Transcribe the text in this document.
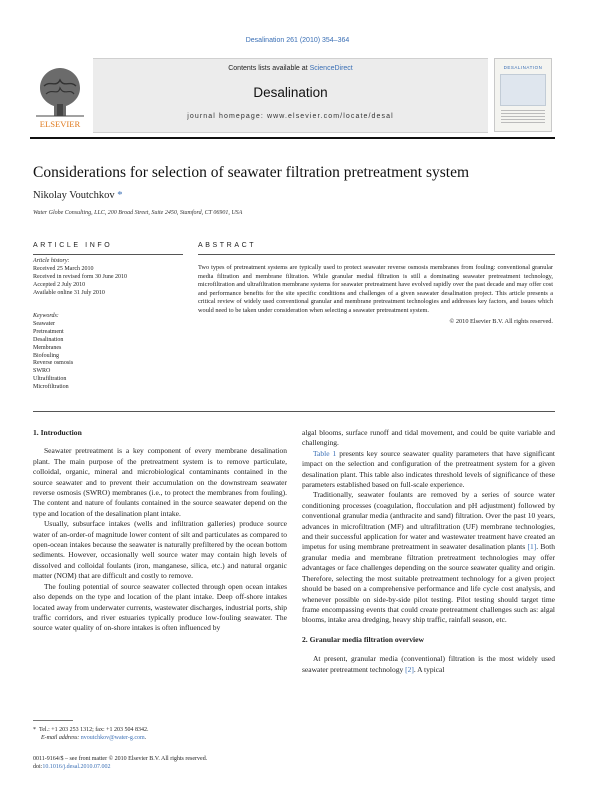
Desalination 261 (2010) 354–364
ELSEVIER
Contents lists available at ScienceDirect
Desalination
journal homepage: www.elsevier.com/locate/desal
DESALINATION
Considerations for selection of seawater filtration pretreatment system
Nikolay Voutchkov *
Water Globe Consulting, LLC, 200 Broad Street, Suite 2450, Stamford, CT 06901, USA
ARTICLE INFO	ABSTRACT
Article history:
Received 25 March 2010
Received in revised form 30 June 2010
Accepted 2 July 2010
Available online 31 July 2010
Keywords:
Seawater
Pretreatment
Desalination
Membranes
Biofouling
Reverse osmosis
SWRO
Ultrafiltration
Microfiltration
Two types of pretreatment systems are typically used to protect seawater reverse osmosis membranes from fouling: conventional granular media filtration and membrane filtration. While granular medial filtration is still a dominating seawater pretreatment technology, microfiltration and ultrafiltration membrane systems for seawater pretreatment have evolved rapidly over the past decade and may offer cost and performance benefits for the site specific conditions and challenges of a given seawater desalination project. This article presents a critical review of widely used conventional granular and membrane pretreatment technologies and addresses key factors, and issues which would need to be taken under consideration when selecting a seawater pretreatment system.
© 2010 Elsevier B.V. All rights reserved.
1. Introduction

Seawater pretreatment is a key component of every membrane desalination plant. The main purpose of the pretreatment system is to remove particulate, colloidal, organic, mineral and microbiological contaminants contained in the source seawater and to prevent their accumulation on the downstream seawater reverse osmosis (SWRO) membranes (i.e., to protect the membranes from fouling). The content and nature of foulants contained in the source seawater depend on the type and location of the desalination plant intake.

Usually, subsurface intakes (wells and infiltration galleries) produce source water of an-order-of magnitude lower content of silt and particulates as compared to open-ocean intakes because the seawater is naturally prefiltered by the ocean bottom sediments. However, occasionally well source water may contain high levels of dissolved and colloidal foulants (iron, manganese, silica, etc.) and natural organic matter (NOM) that are difficult and costly to remove.

The fouling potential of source seawater collected through open ocean intakes also depends on the type and location of the plant intake. Deep off-shore intakes located away from underwater currents, wastewater discharges, industrial ports, ship traffic corridors, and river estuaries typically produce low-fouling seawater. The source water quality of on-shore intakes is often influenced by

algal blooms, surface runoff and tidal movement, and could be quite variable and challenging.

Table 1 presents key source seawater quality parameters that have significant impact on the selection and configuration of the pretreatment system for a given desalination plant. This table also indicates threshold levels of significance of these parameters established based on full-scale experience.

Traditionally, seawater foulants are removed by a series of source water conditioning processes (coagulation, flocculation and pH adjustment) followed by conventional granular media (anthracite and sand) filtration. Over the past 10 years, advances in microfiltration (MF) and ultrafiltration (UF) membrane technologies, and their successful application for water and wastewater treatment have created an impetus for using membrane pretreatment in seawater desalination plants [1]. Both granular media and membrane filtration pretreatment technologies may offer advantages or face challenges depending on the source seawater quality and origin. Therefore, selecting the most suitable pretreatment technology for a given project should be based on a comprehensive performance and life cycle cost analysis, and whenever possible on side-by-side pilot testing. Pilot testing should target time frame encompassing events that could create pretreatment challenges such as: algal blooms, intake area dredging, heavy ship traffic, rainfall season, etc.

2. Granular media filtration overview

At present, granular media (conventional) filtration is the most widely used seawater pretreatment technology [2]. A typical

* Tel.: +1 203 253 1312; fax: +1 203 504 8342.
E-mail address: nvoutchkov@water-g.com.
0011-9164/$ – see front matter © 2010 Elsevier B.V. All rights reserved.
doi:10.1016/j.desal.2010.07.002
